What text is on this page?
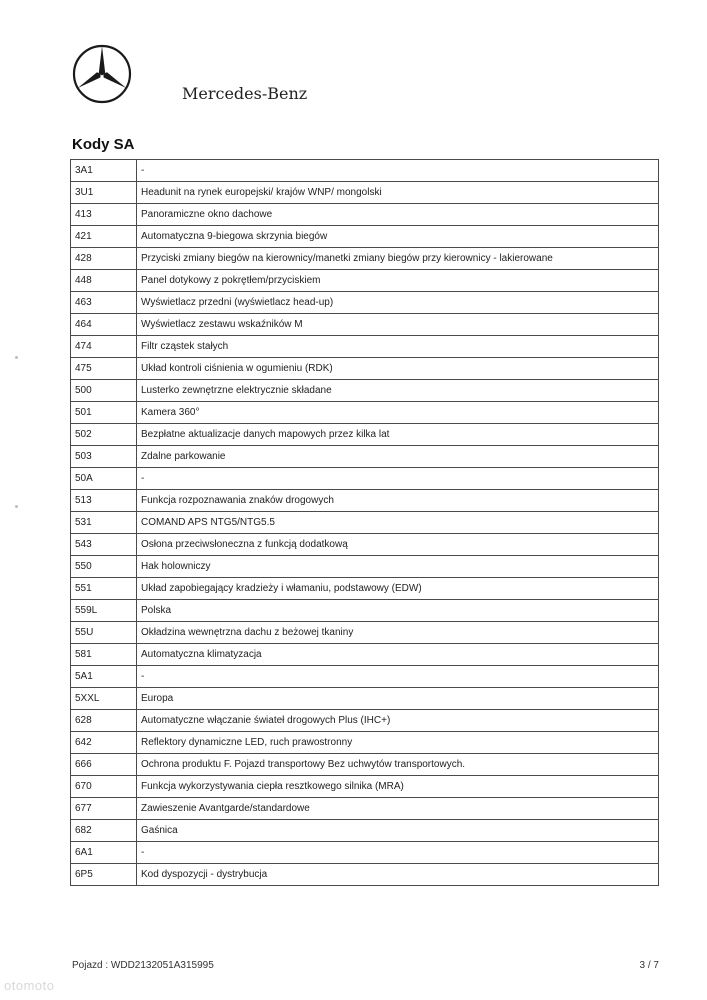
Mercedes-Benz
Kody SA
3A1	-
3U1	Headunit na rynek europejski/ krajów WNP/ mongolski
413	Panoramiczne okno dachowe
421	Automatyczna 9-biegowa skrzynia biegów
428	Przyciski zmiany biegów na kierownicy/manetki zmiany biegów przy kierownicy - lakierowane
448	Panel dotykowy z pokrętłem/przyciskiem
463	Wyświetlacz przedni (wyświetlacz head-up)
464	Wyświetlacz zestawu wskaźników M
474	Filtr cząstek stałych
475	Układ kontroli ciśnienia w ogumieniu (RDK)
500	Lusterko zewnętrzne elektrycznie składane
501	Kamera 360°
502	Bezpłatne aktualizacje danych mapowych przez kilka lat
503	Zdalne parkowanie
50A	-
513	Funkcja rozpoznawania znaków drogowych
531	COMAND APS NTG5/NTG5.5
543	Osłona przeciwsłoneczna z funkcją dodatkową
550	Hak holowniczy
551	Układ zapobiegający kradzieży i włamaniu, podstawowy (EDW)
559L	Polska
55U	Okładzina wewnętrzna dachu z beżowej tkaniny
581	Automatyczna klimatyzacja
5A1	-
5XXL	Europa
628	Automatyczne włączanie świateł drogowych Plus (IHC+)
642	Reflektory dynamiczne LED, ruch prawostronny
666	Ochrona produktu F. Pojazd transportowy Bez uchwytów transportowych.
670	Funkcja wykorzystywania ciepła resztkowego silnika (MRA)
677	Zawieszenie Avantgarde/standardowe
682	Gaśnica
6A1	-
6P5	Kod dyspozycji - dystrybucja
Pojazd : WDD2132051A315995	3 / 7
otomoto
